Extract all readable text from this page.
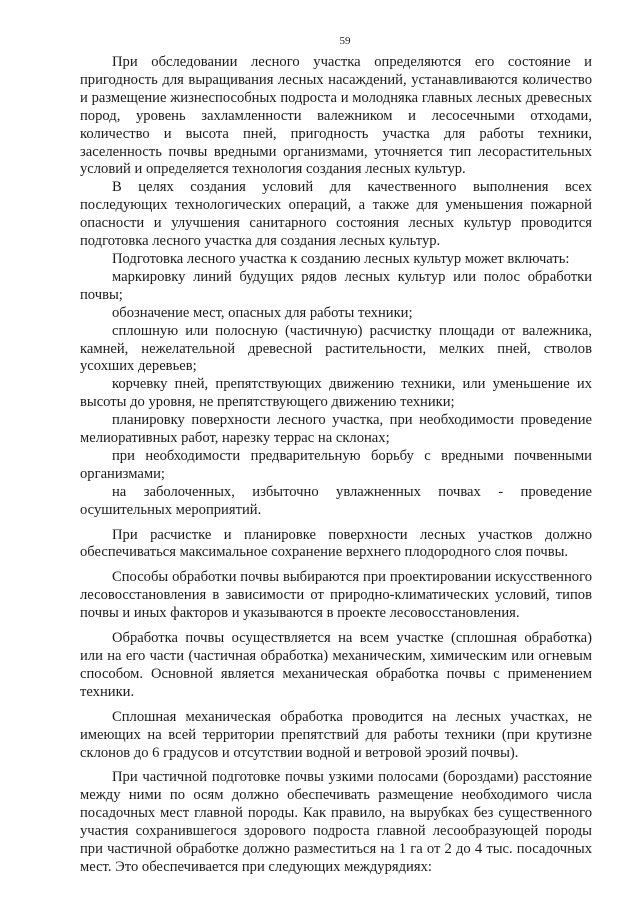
59

При обследовании лесного участка определяются его состояние и пригодность для выращивания лесных насаждений, устанавливаются количество и размещение жизнеспособных подроста и молодняка главных лесных древесных пород, уровень захламленности валежником и лесосечными отходами, количество и высота пней, пригодность участка для работы техники, заселенность почвы вредными организмами, уточняется тип лесорастительных условий и определяется технология создания лесных культур.

В целях создания условий для качественного выполнения всех последующих технологических операций, а также для уменьшения пожарной опасности и улучшения санитарного состояния лесных культур проводится подготовка лесного участка для создания лесных культур.

Подготовка лесного участка к созданию лесных культур может включать:

маркировку линий будущих рядов лесных культур или полос обработки почвы;

обозначение мест, опасных для работы техники;

сплошную или полосную (частичную) расчистку площади от валежника, камней, нежелательной древесной растительности, мелких пней, стволов усохших деревьев;

корчевку пней, препятствующих движению техники, или уменьшение их высоты до уровня, не препятствующего движению техники;

планировку поверхности лесного участка, при необходимости проведение мелиоративных работ, нарезку террас на склонах;

при необходимости предварительную борьбу с вредными почвенными организмами;

на заболоченных, избыточно увлажненных почвах - проведение осушительных мероприятий.

При расчистке и планировке поверхности лесных участков должно обеспечиваться максимальное сохранение верхнего плодородного слоя почвы.

Способы обработки почвы выбираются при проектировании искусственного лесовосстановления в зависимости от природно-климатических условий, типов почвы и иных факторов и указываются в проекте лесовосстановления.

Обработка почвы осуществляется на всем участке (сплошная обработка) или на его части (частичная обработка) механическим, химическим или огневым способом. Основной является механическая обработка почвы с применением техники.

Сплошная механическая обработка проводится на лесных участках, не имеющих на всей территории препятствий для работы техники (при крутизне склонов до 6 градусов и отсутствии водной и ветровой эрозий почвы).

При частичной подготовке почвы узкими полосами (бороздами) расстояние между ними по осям должно обеспечивать размещение необходимого числа посадочных мест главной породы. Как правило, на вырубках без существенного участия сохранившегося здорового подроста главной лесообразующей породы при частичной обработке должно разместиться на 1 га от 2 до 4 тыс. посадочных мест. Это обеспечивается при следующих междурядиях:
